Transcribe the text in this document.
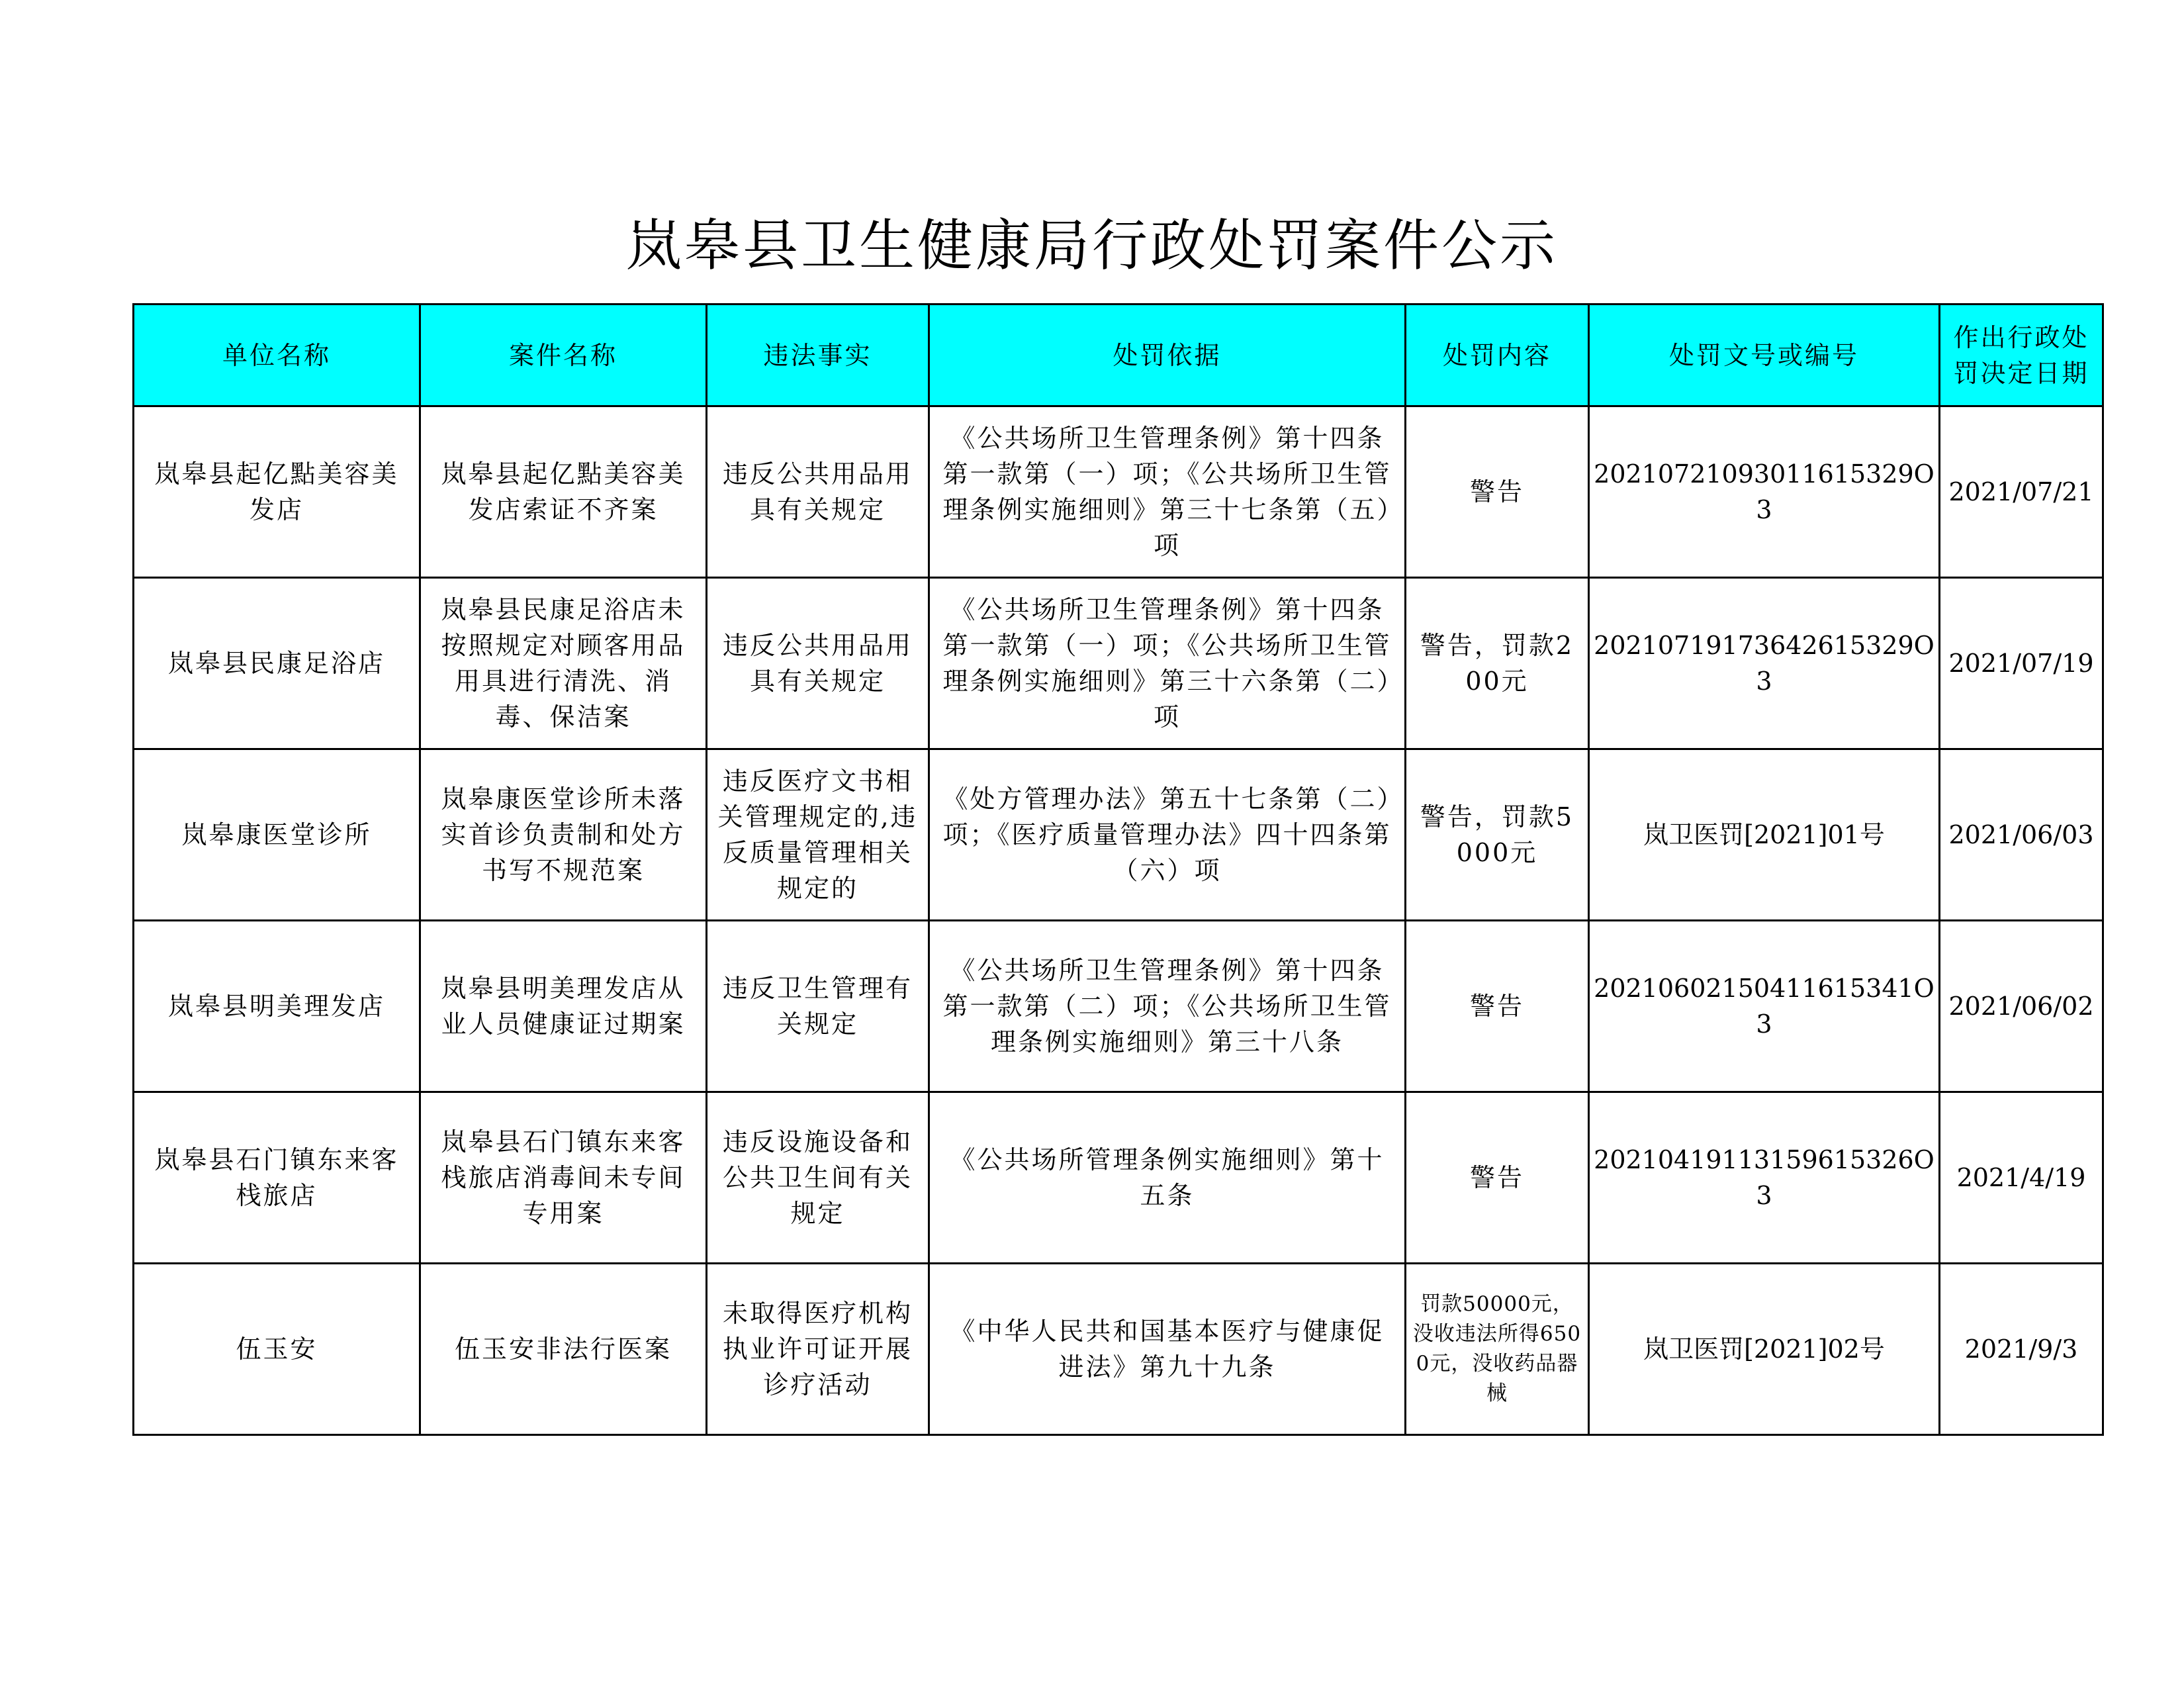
岚皋县卫生健康局行政处罚案件公示
单位名称	案件名称	违法事实	处罚依据	处罚内容	处罚文号或编号	作出行政处罚决定日期
岚皋县起亿點美容美发店	岚皋县起亿點美容美发店索证不齐案	违反公共用品用具有关规定	《公共场所卫生管理条例》第十四条第一款第（一）项；《公共场所卫生管理条例实施细则》第三十七条第（五）项	警告	20210721093011615329O3	2021/07/21
岚皋县民康足浴店	岚皋县民康足浴店未按照规定对顾客用品用具进行清洗、消毒、保洁案	违反公共用品用具有关规定	《公共场所卫生管理条例》第十四条第一款第（一）项；《公共场所卫生管理条例实施细则》第三十六条第（二）项	警告，罚款200元	20210719173642615329O3	2021/07/19
岚皋康医堂诊所	岚皋康医堂诊所未落实首诊负责制和处方书写不规范案	违反医疗文书相关管理规定的,违反质量管理相关规定的	《处方管理办法》第五十七条第（二）项；《医疗质量管理办法》四十四条第（六）项	警告，罚款5000元	岚卫医罚[2021]01号	2021/06/03
岚皋县明美理发店	岚皋县明美理发店从业人员健康证过期案	违反卫生管理有关规定	《公共场所卫生管理条例》第十四条第一款第（二）项；《公共场所卫生管理条例实施细则》第三十八条	警告	20210602150411615341O3	2021/06/02
岚皋县石门镇东来客栈旅店	岚皋县石门镇东来客栈旅店消毒间未专间专用案	违反设施设备和公共卫生间有关规定	《公共场所管理条例实施细则》第十五条	警告	20210419113159615326O3	2021/4/19
伍玉安	伍玉安非法行医案	未取得医疗机构执业许可证开展诊疗活动	《中华人民共和国基本医疗与健康促进法》第九十九条	罚款50000元，没收违法所得6500元，没收药品器械	岚卫医罚[2021]02号	2021/9/3
